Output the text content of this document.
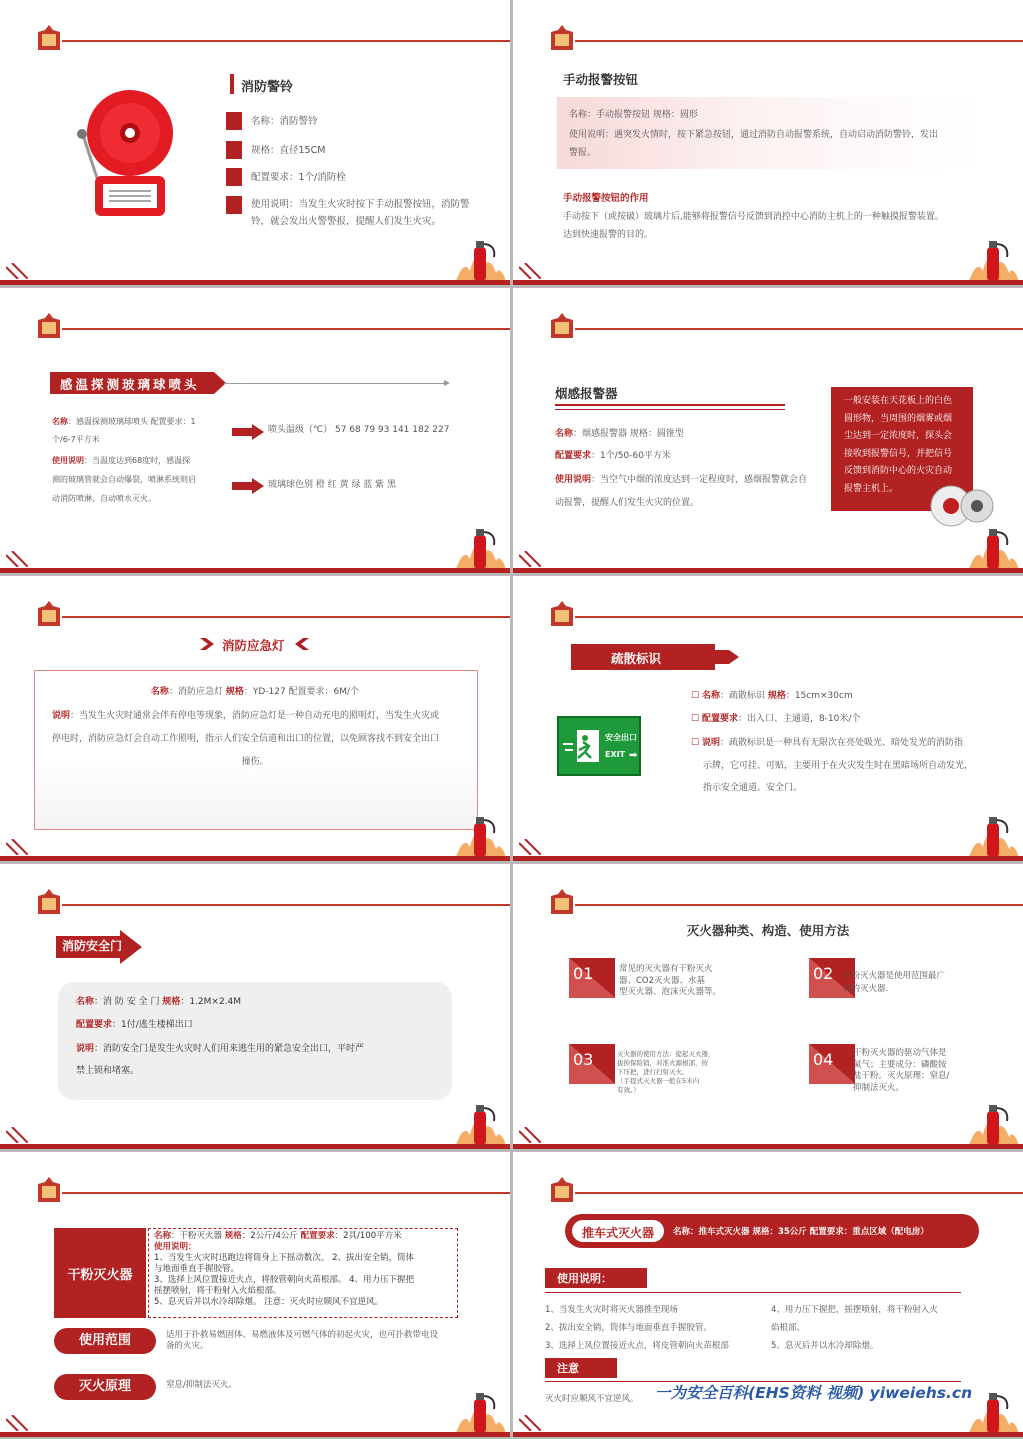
消防警铃
名称：消防警铃
规格：直径15CM
配置要求：1个/消防栓
使用说明：当发生火灾时按下手动报警按钮，消防警
铃，就会发出火警警报，提醒人们发生火灾。
手动报警按钮
名称：手动报警按钮 规格：圆形
使用说明：遇突发火情时，按下紧急按钮，通过消防自动报警系统，自动启动消防警铃，发出
警报。
手动报警按钮的作用
手动按下（或按破）玻璃片后,能够将报警信号反馈到消控中心消防主机上的一种触摸报警装置。
达到快速报警的目的。
感温探测玻璃球喷头
名称：感温探测玻璃球喷头 配置要求：1
个/6-7平方米
使用说明：当温度达到68度时，感温探
测的玻璃管就会自动爆裂，喷淋系统则启
动消防喷淋，自动喷水灭火。
喷头温级（℃） 57 68 79 93 141 182 227
玻璃球色别 橙 红 黄 绿 蓝 紫 黑
烟感报警器
名称：烟感报警器 规格：圆锥型
配置要求：1个/50-60平方米
使用说明：当空气中烟的浓度达到一定程度时，感烟报警就会自
动报警，提醒人们发生火灾的位置。
一般安装在天花板上的白色
圆形物，当周围的烟雾或烟
尘达到一定浓度时，探头会
接收到报警信号，并把信号
反馈到消防中心的火灾自动
报警主机上。
消防应急灯
名称：消防应急灯 规格：YD-127 配置要求：6M/个
说明：当发生火灾时通常会伴有停电等现象，消防应急灯是一种自动充电的照明灯，当发生火灾或
停电时，消防应急灯会自动工作照明，指示人们安全信道和出口的位置，以免顾客找不到安全出口
撞伤。
疏散标识
安全出口
EXIT ➡
☐ 名称：疏散标识 规格：15cm×30cm
☐ 配置要求：出入口、主通道，8-10米/个
☐ 说明：疏散标识是一种具有无限次在亮处吸光、暗处发光的消防指
示牌，它可挂、可贴，主要用于在火灾发生时在黑暗场所自动发光，
指示安全通道、安全门。
消防安全门
名称：消 防 安 全 门 规格：1.2M×2.4M
配置要求：1付/逃生楼梯出口
说明：消防安全门是发生火灾时人们用来逃生用的紧急安全出口，平时严
禁上锁和堵塞。
灭火器种类、构造、使用方法
01	常见的灭火器有干粉灭火
器、CO2灭火器、水基
型灭火器、泡沫灭火器等。
02 干粉灭火器是使用范围最广
泛的灭火器.
03	灭火器的使用方法：提起灭火器，
拔掉保险销，对准火源根部，按
下压把，进行扫射灭火。
（手提式灭火器一般在5米内
有效。）
04 干粉灭火器的驱动气体是
氮气；主要成分：磷酸铵
盐干粉。灭火原理：窒息/
抑制法灭火。
干粉灭火器
名称：干粉灭火器 规格：2公斤/4公斤 配置要求：2具/100平方米
使用说明：
1、当发生火灾时迅跑边将筒身上下摇动数次。 2、拔出安全销，筒体
与地面垂直手握胶管。
3、选择上风位置接近火点，将胶管朝向火苗根部。 4、用力压下握把
摇摆喷射，将干粉射入火焰根部。
5、息灭后并以水冷却除烟。 注意：灭火时应顺风不宜逆风。
使用范围	适用于扑救易燃固体、易燃液体及可燃气体的初起火灾，也可扑救带电设
备的火灾。
灭火原理	窒息/抑制法灭火。
推车式灭火器	名称：推车式灭火器 规格：35公斤 配置要求：重点区域（配电房）
使用说明：
1、当发生火灾时将灭火器推至现场
2、拔出安全销，筒体与地面垂直手握胶管。
3、选择上风位置接近火点，将皮管朝向火苗根部
4、用力压下握把，摇摆喷射，将干粉射入火
焰根部。
5、息灭后并以水冷却除烟。
注意
灭火时应顺风不宜逆风。 一为安全百科(EHS资料 视频) yiweiehs.cn
